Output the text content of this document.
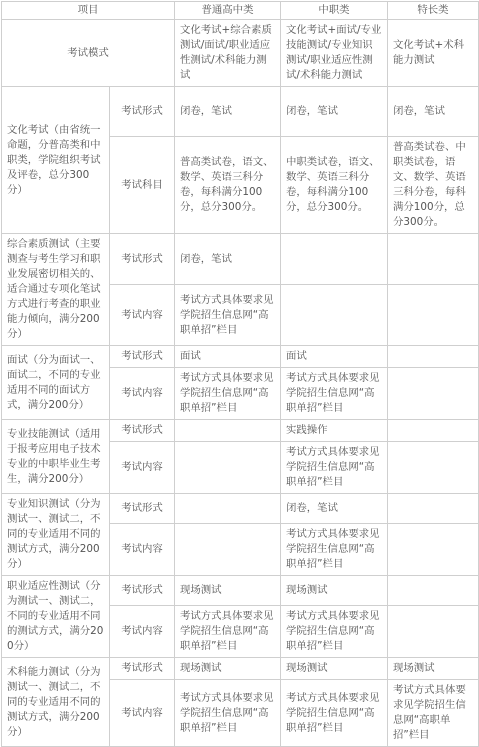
项目		普通高中类	中职类	特长类
考试模式		文化考试+综合素质测试/面试/职业适应性测试/术科能力测试	文化考试+面试/专业技能测试/专业知识测试/职业适应性测试/术科能力测试	文化考试+术科能力测试
文化考试（由省统一命题，分普高类和中职类，学院组织考试及评卷，总分300分）	考试形式	闭卷，笔试	闭卷，笔试	闭卷，笔试
	考试科目	普高类试卷，语文、数学、英语三科分卷，每科满分100分，总分300分。	中职类试卷，语文、数学、英语三科分卷，每科满分100分，总分300分。	普高类试卷、中职类试卷，语文、数学、英语三科分卷，每科满分100分，总分300分。
综合素质测试（主要测查与考生学习和职业发展密切相关的、适合通过专项化笔试方式进行考查的职业能力倾向，满分200分）	考试形式	闭卷，笔试		
	考试内容	考试方式具体要求见学院招生信息网“高职单招”栏目		
面试（分为面试一、面试二，不同的专业适用不同的面试方式，满分200分）	考试形式	面试	面试	
	考试内容	考试方式具体要求见学院招生信息网“高职单招”栏目	考试方式具体要求见学院招生信息网“高职单招”栏目	
专业技能测试（适用于报考应用电子技术专业的中职毕业生考生，满分200分）	考试形式		实践操作	
	考试内容		考试方式具体要求见学院招生信息网“高职单招”栏目	
专业知识测试（分为测试一、测试二，不同的专业适用不同的测试方式，满分200分）	考试形式		闭卷，笔试	
	考试内容		考试方式具体要求见学院招生信息网“高职单招”栏目	
职业适应性测试（分为测试一、测试二，不同的专业适用不同的测试方式，满分200分）	考试形式	现场测试	现场测试	
	考试内容	考试方式具体要求见学院招生信息网“高职单招”栏目	考试方式具体要求见学院招生信息网“高职单招”栏目	
术科能力测试（分为测试一、测试二，不同的专业适用不同的测试方式，满分200分）	考试形式	现场测试	现场测试	现场测试
	考试内容	考试方式具体要求见学院招生信息网“高职单招”栏目	考试方式具体要求见学院招生信息网“高职单招”栏目	考试方式具体要求见学院招生信息网“高职单招”栏目
